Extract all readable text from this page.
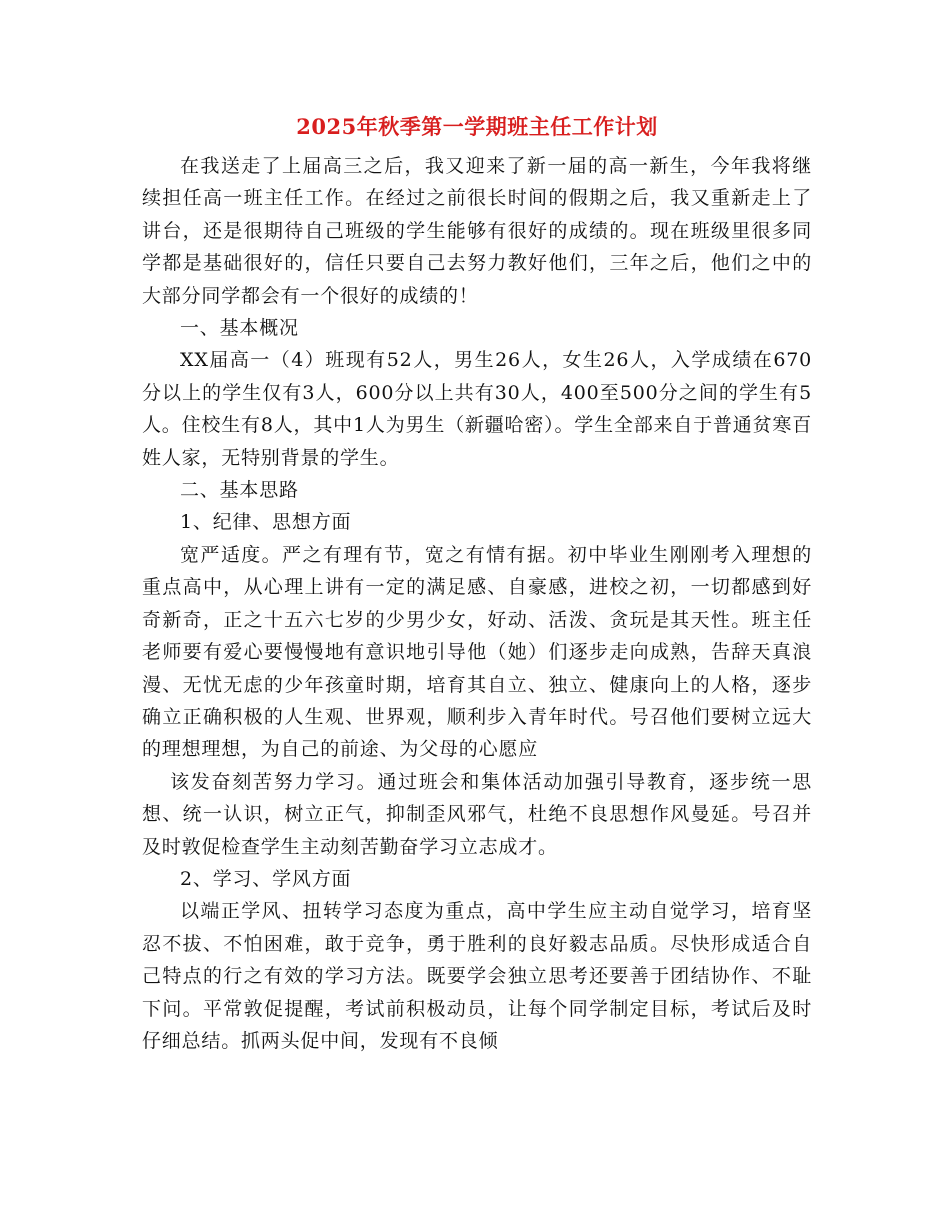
2025年秋季第一学期班主任工作计划

在我送走了上届高三之后，我又迎来了新一届的高一新生，今年我将继续担任高一班主任工作。在经过之前很长时间的假期之后，我又重新走上了讲台，还是很期待自己班级的学生能够有很好的成绩的。现在班级里很多同学都是基础很好的，信任只要自己去努力教好他们，三年之后，他们之中的大部分同学都会有一个很好的成绩的！

一、基本概况

XX届高一（4）班现有52人，男生26人，女生26人，入学成绩在670分以上的学生仅有3人，600分以上共有30人，400至500分之间的学生有5人。住校生有8人，其中1人为男生（新疆哈密）。学生全部来自于普通贫寒百姓人家，无特别背景的学生。

二、基本思路

1、纪律、思想方面

宽严适度。严之有理有节，宽之有情有据。初中毕业生刚刚考入理想的重点高中，从心理上讲有一定的满足感、自豪感，进校之初，一切都感到好奇新奇，正之十五六七岁的少男少女，好动、活泼、贪玩是其天性。班主任老师要有爱心要慢慢地有意识地引导他（她）们逐步走向成熟，告辞天真浪漫、无忧无虑的少年孩童时期，培育其自立、独立、健康向上的人格，逐步确立正确积极的人生观、世界观，顺利步入青年时代。号召他们要树立远大的理想理想，为自己的前途、为父母的心愿应

该发奋刻苦努力学习。通过班会和集体活动加强引导教育，逐步统一思想、统一认识，树立正气，抑制歪风邪气，杜绝不良思想作风曼延。号召并及时敦促检查学生主动刻苦勤奋学习立志成才。

2、学习、学风方面

以端正学风、扭转学习态度为重点，高中学生应主动自觉学习，培育坚忍不拔、不怕困难，敢于竞争，勇于胜利的良好毅志品质。尽快形成适合自己特点的行之有效的学习方法。既要学会独立思考还要善于团结协作、不耻下问。平常敦促提醒，考试前积极动员，让每个同学制定目标，考试后及时仔细总结。抓两头促中间，发现有不良倾
